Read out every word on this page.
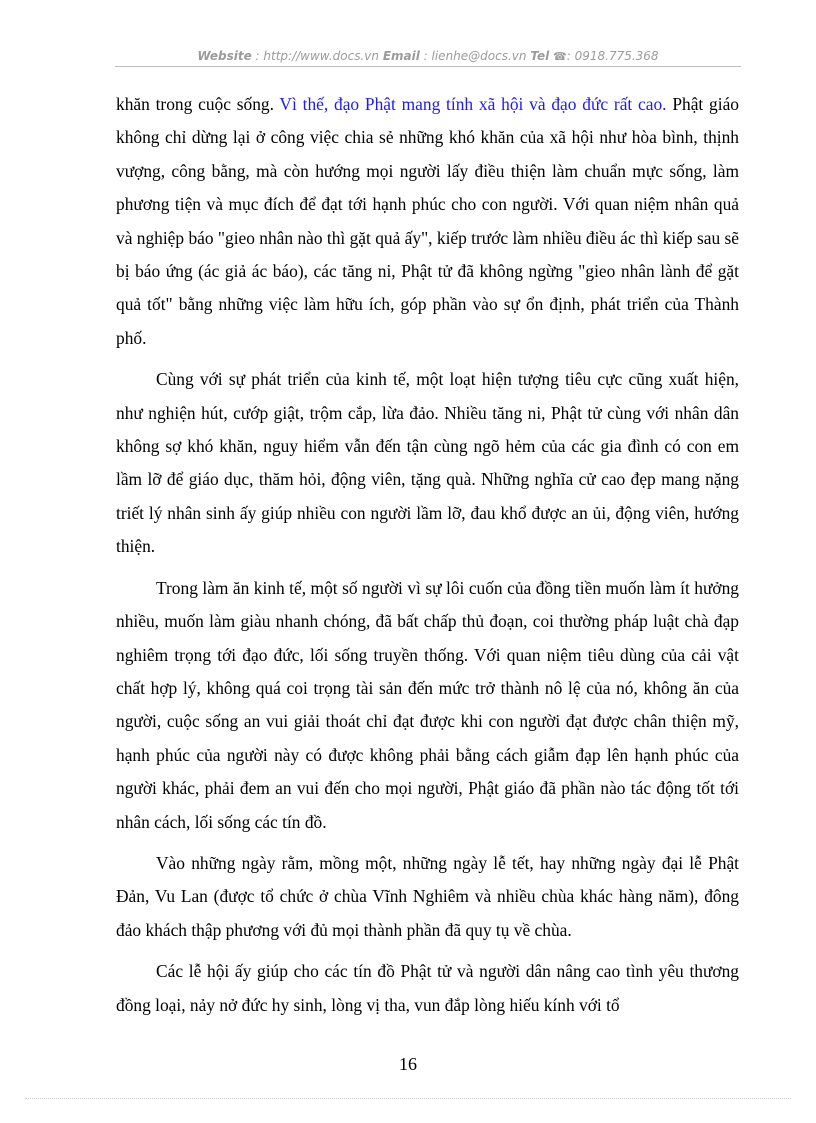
Website : http://www.docs.vn Email : lienhe@docs.vn Tel ☎: 0918.775.368

khăn trong cuộc sống. Vì thế, đạo Phật mang tính xã hội và đạo đức rất cao. Phật giáo không chỉ dừng lại ở công việc chia sẻ những khó khăn của xã hội như hòa bình, thịnh vượng, công bằng, mà còn hướng mọi người lấy điều thiện làm chuẩn mực sống, làm phương tiện và mục đích để đạt tới hạnh phúc cho con người. Với quan niệm nhân quả và nghiệp báo "gieo nhân nào thì gặt quả ấy", kiếp trước làm nhiều điều ác thì kiếp sau sẽ bị báo ứng (ác giả ác báo), các tăng ni, Phật tử đã không ngừng "gieo nhân lành để gặt quả tốt" bằng những việc làm hữu ích, góp phần vào sự ổn định, phát triển của Thành phố.

Cùng với sự phát triển của kinh tế, một loạt hiện tượng tiêu cực cũng xuất hiện, như nghiện hút, cướp giật, trộm cắp, lừa đảo. Nhiều tăng ni, Phật tử cùng với nhân dân không sợ khó khăn, nguy hiểm vẫn đến tận cùng ngõ hẻm của các gia đình có con em lầm lỡ để giáo dục, thăm hỏi, động viên, tặng quà. Những nghĩa cử cao đẹp mang nặng triết lý nhân sinh ấy giúp nhiều con người lầm lỡ, đau khổ được an ủi, động viên, hướng thiện.

Trong làm ăn kinh tế, một số người vì sự lôi cuốn của đồng tiền muốn làm ít hưởng nhiều, muốn làm giàu nhanh chóng, đã bất chấp thủ đoạn, coi thường pháp luật chà đạp nghiêm trọng tới đạo đức, lối sống truyền thống. Với quan niệm tiêu dùng của cải vật chất hợp lý, không quá coi trọng tài sản đến mức trở thành nô lệ của nó, không ăn của người, cuộc sống an vui giải thoát chỉ đạt được khi con người đạt được chân thiện mỹ, hạnh phúc của người này có được không phải bằng cách giẫm đạp lên hạnh phúc của người khác, phải đem an vui đến cho mọi người, Phật giáo đã phần nào tác động tốt tới nhân cách, lối sống các tín đồ.

Vào những ngày rằm, mồng một, những ngày lễ tết, hay những ngày đại lễ Phật Đản, Vu Lan (được tổ chức ở chùa Vĩnh Nghiêm và nhiều chùa khác hàng năm), đông đảo khách thập phương với đủ mọi thành phần đã quy tụ về chùa.

Các lễ hội ấy giúp cho các tín đồ Phật tử và người dân nâng cao tình yêu thương đồng loại, nảy nở đức hy sinh, lòng vị tha, vun đắp lòng hiếu kính với tổ

16
